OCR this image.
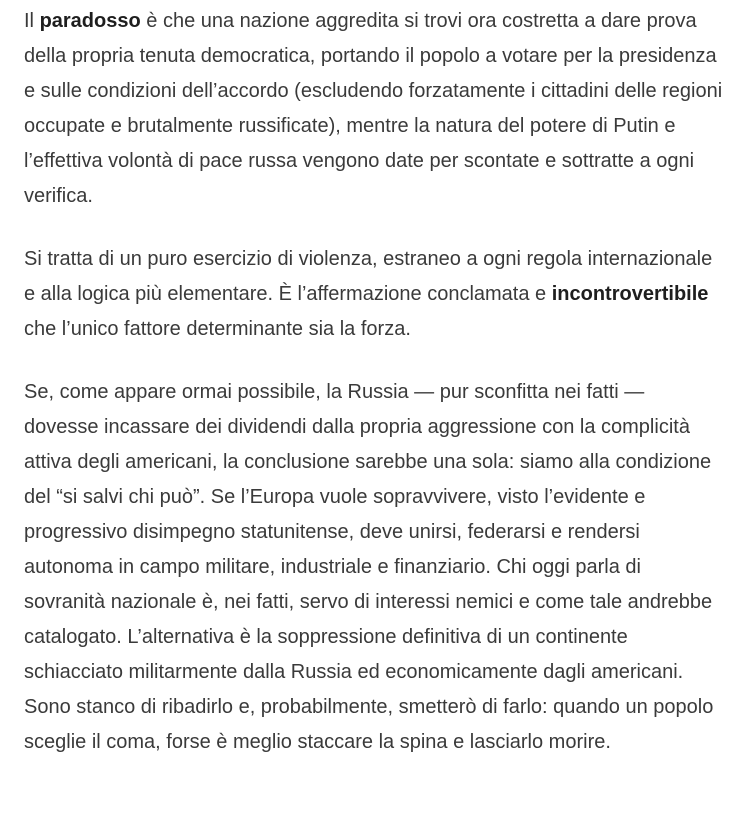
Il paradosso è che una nazione aggredita si trovi ora costretta a dare prova della propria tenuta democratica, portando il popolo a votare per la presidenza e sulle condizioni dell’accordo (escludendo forzatamente i cittadini delle regioni occupate e brutalmente russificate), mentre la natura del potere di Putin e l’effettiva volontà di pace russa vengono date per scontate e sottratte a ogni verifica.

Si tratta di un puro esercizio di violenza, estraneo a ogni regola internazionale e alla logica più elementare. È l’affermazione conclamata e incontrovertibile che l’unico fattore determinante sia la forza.

Se, come appare ormai possibile, la Russia — pur sconfitta nei fatti — dovesse incassare dei dividendi dalla propria aggressione con la complicità attiva degli americani, la conclusione sarebbe una sola: siamo alla condizione del “si salvi chi può”. Se l’Europa vuole sopravvivere, visto l’evidente e progressivo disimpegno statunitense, deve unirsi, federarsi e rendersi autonoma in campo militare, industriale e finanziario. Chi oggi parla di sovranità nazionale è, nei fatti, servo di interessi nemici e come tale andrebbe catalogato. L’alternativa è la soppressione definitiva di un continente schiacciato militarmente dalla Russia ed economicamente dagli americani. Sono stanco di ribadirlo e, probabilmente, smetterò di farlo: quando un popolo sceglie il coma, forse è meglio staccare la spina e lasciarlo morire.
